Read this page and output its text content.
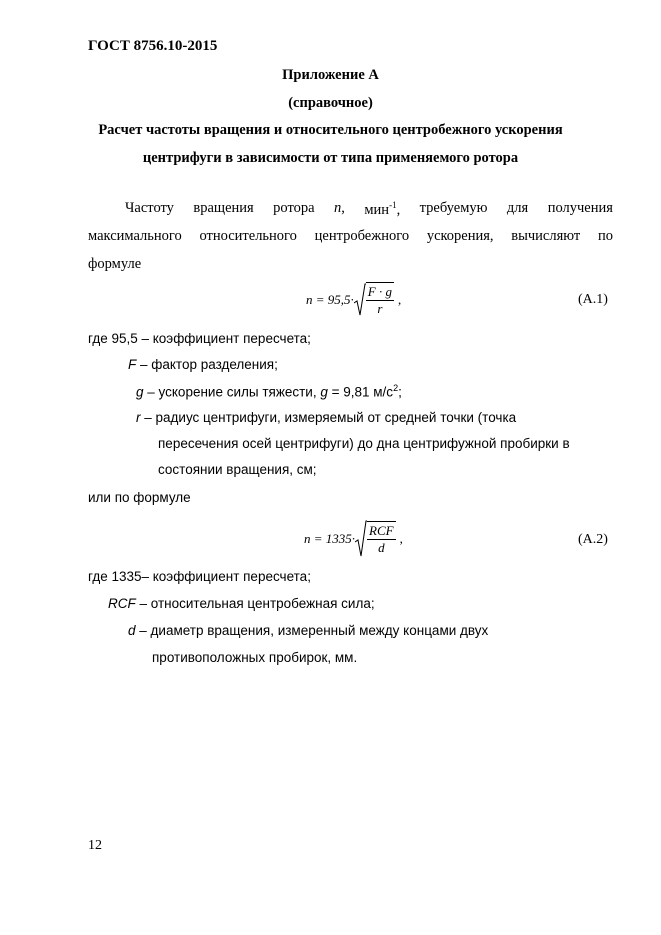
ГОСТ 8756.10-2015
Приложение А
(справочное)
Расчет частоты вращения и относительного центробежного ускорения
центрифуги в зависимости от типа применяемого ротора
Частоту вращения ротора n, мин$^{-1}$, требуемую для получения
максимального относительного центробежного ускорения, вычисляют по
формуле
$n = 95,5\cdot \frac{F \cdot g}{r}$ ,	(А.1)
где 95,5 – коэффициент пересчета;
F – фактор разделения;
g – ускорение силы тяжести, g = 9,81 $м/с^2$;
r – радиус центрифуги, измеряемый от средней точки (точка
пересечения осей центрифуги) до дна центрифужной пробирки в
состоянии вращения, см;
или по формуле
$n = 1335\cdot \frac{\text{RCF}}{d}$ ,	(А.2)
где 1335– коэффициент пересчета;
RCF – относительная центробежная сила;
d – диаметр вращения, измеренный между концами двух
противоположных пробирок, мм.
12
